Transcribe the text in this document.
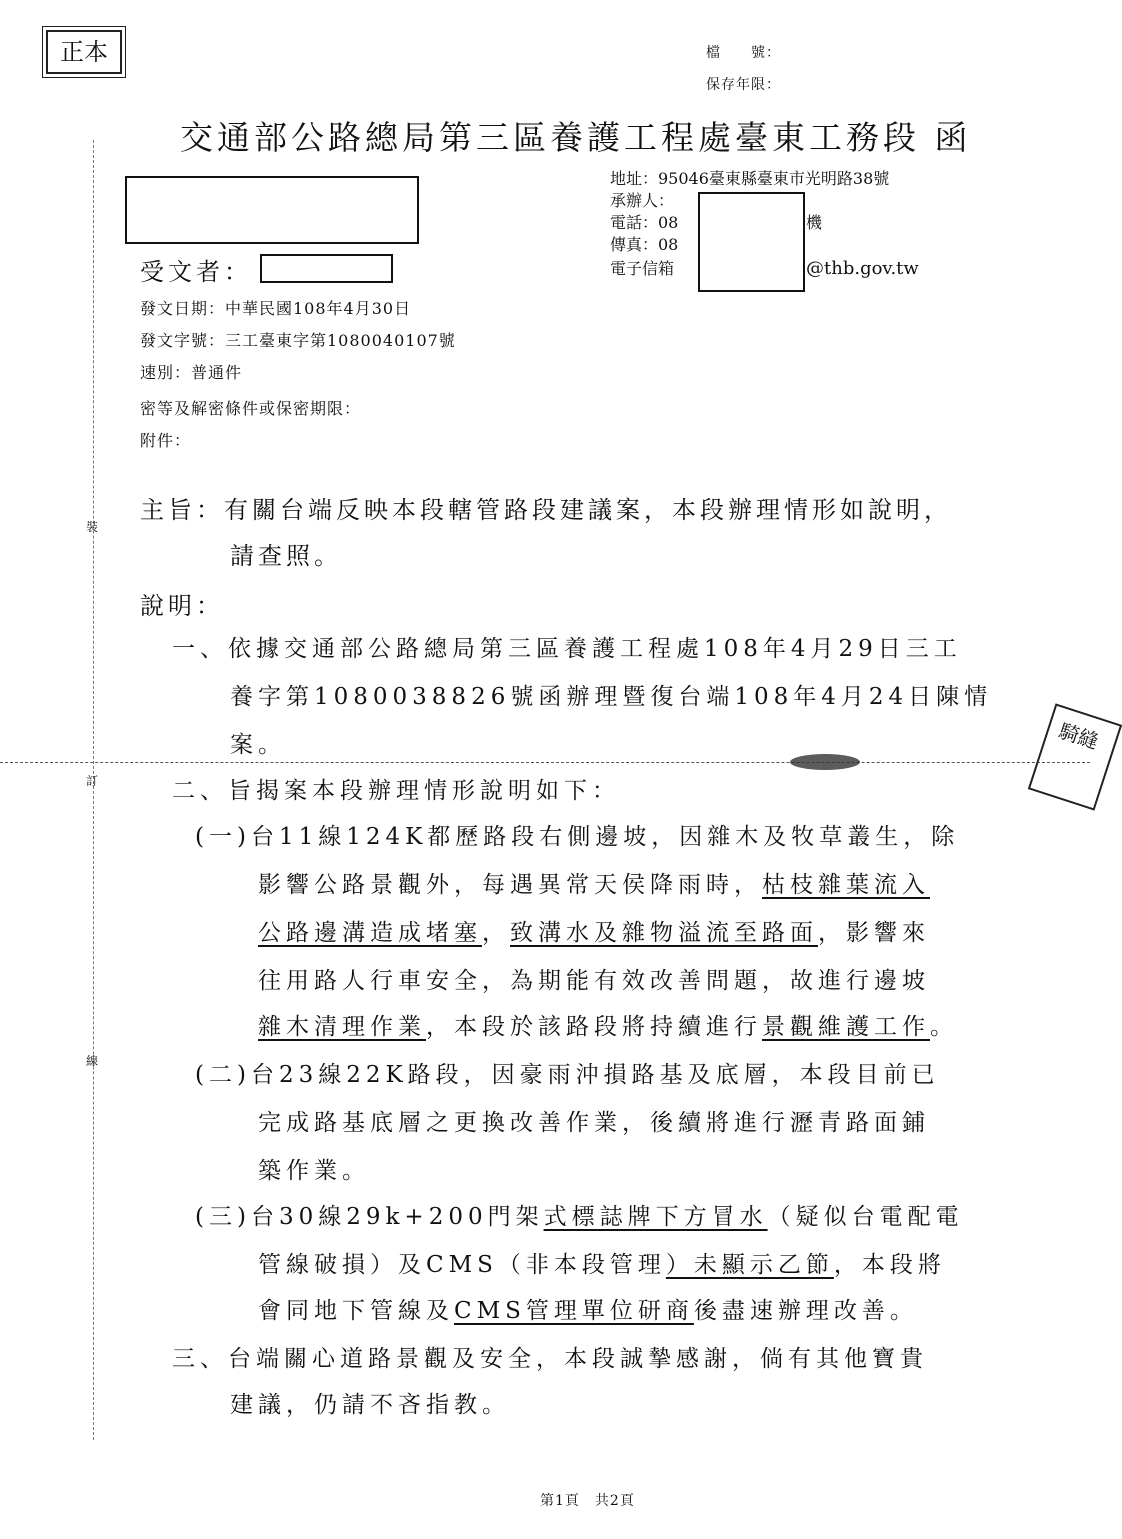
正本	檔　　號：
保存年限：
交通部公路總局第三區養護工程處臺東工務段 函
地址：95046臺東縣臺東市光明路38號
承辦人：
電話：08	機
傳真：08
電子信箱	@thb.gov.tw
受文者：
發文日期：中華民國108年4月30日
發文字號：三工臺東字第1080040107號
速別：普通件
密等及解密條件或保密期限：
附件：
主旨：有關台端反映本段轄管路段建議案，本段辦理情形如說明，
請查照。
說明：
一、依據交通部公路總局第三區養護工程處108年4月29日三工
養字第1080038826號函辦理暨復台端108年4月24日陳情
案。
二、旨揭案本段辦理情形說明如下：
(一)台11線124K都歷路段右側邊坡，因雜木及牧草叢生，除
影響公路景觀外，每遇異常天侯降雨時，枯枝雜葉流入
公路邊溝造成堵塞，致溝水及雜物溢流至路面，影響來
往用路人行車安全，為期能有效改善問題，故進行邊坡
雜木清理作業，本段於該路段將持續進行景觀維護工作。
(二)台23線22K路段，因豪雨沖損路基及底層，本段目前已
完成路基底層之更換改善作業，後續將進行瀝青路面鋪
築作業。
(三)台30線29k+200門架式標誌牌下方冒水（疑似台電配電
管線破損）及CMS（非本段管理）未顯示乙節，本段將
會同地下管線及CMS管理單位研商後盡速辦理改善。
三、台端關心道路景觀及安全，本段誠摯感謝，倘有其他寶貴
建議，仍請不吝指教。
裝
訂
線
騎縫
第1頁　共2頁
